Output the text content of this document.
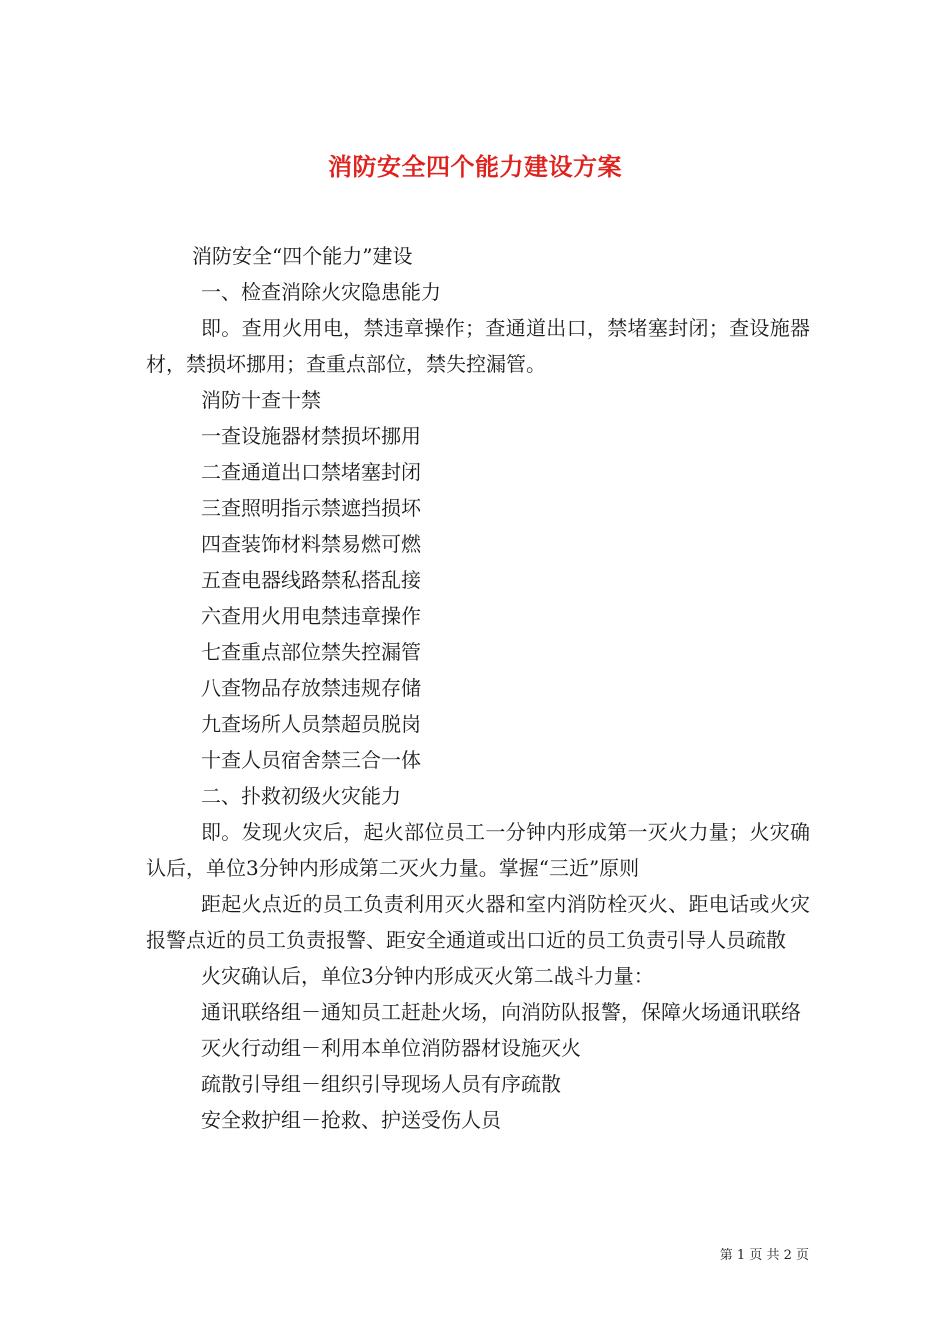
消防安全四个能力建设方案

消防安全“四个能力”建设

一、检查消除火灾隐患能力

即。查用火用电，禁违章操作；查通道出口，禁堵塞封闭；查设施器材，禁损坏挪用；查重点部位，禁失控漏管。

消防十查十禁

一查设施器材禁损坏挪用

二查通道出口禁堵塞封闭

三查照明指示禁遮挡损坏

四查装饰材料禁易燃可燃

五查电器线路禁私搭乱接

六查用火用电禁违章操作

七查重点部位禁失控漏管

八查物品存放禁违规存储

九查场所人员禁超员脱岗

十查人员宿舍禁三合一体

二、扑救初级火灾能力

即。发现火灾后，起火部位员工一分钟内形成第一灭火力量；火灾确认后，单位3分钟内形成第二灭火力量。掌握“三近”原则

距起火点近的员工负责利用灭火器和室内消防栓灭火、距电话或火灾报警点近的员工负责报警、距安全通道或出口近的员工负责引导人员疏散

火灾确认后，单位3分钟内形成灭火第二战斗力量：

通讯联络组－通知员工赶赴火场，向消防队报警，保障火场通讯联络

灭火行动组－利用本单位消防器材设施灭火

疏散引导组－组织引导现场人员有序疏散

安全救护组－抢救、护送受伤人员

第 1 页 共 2 页
